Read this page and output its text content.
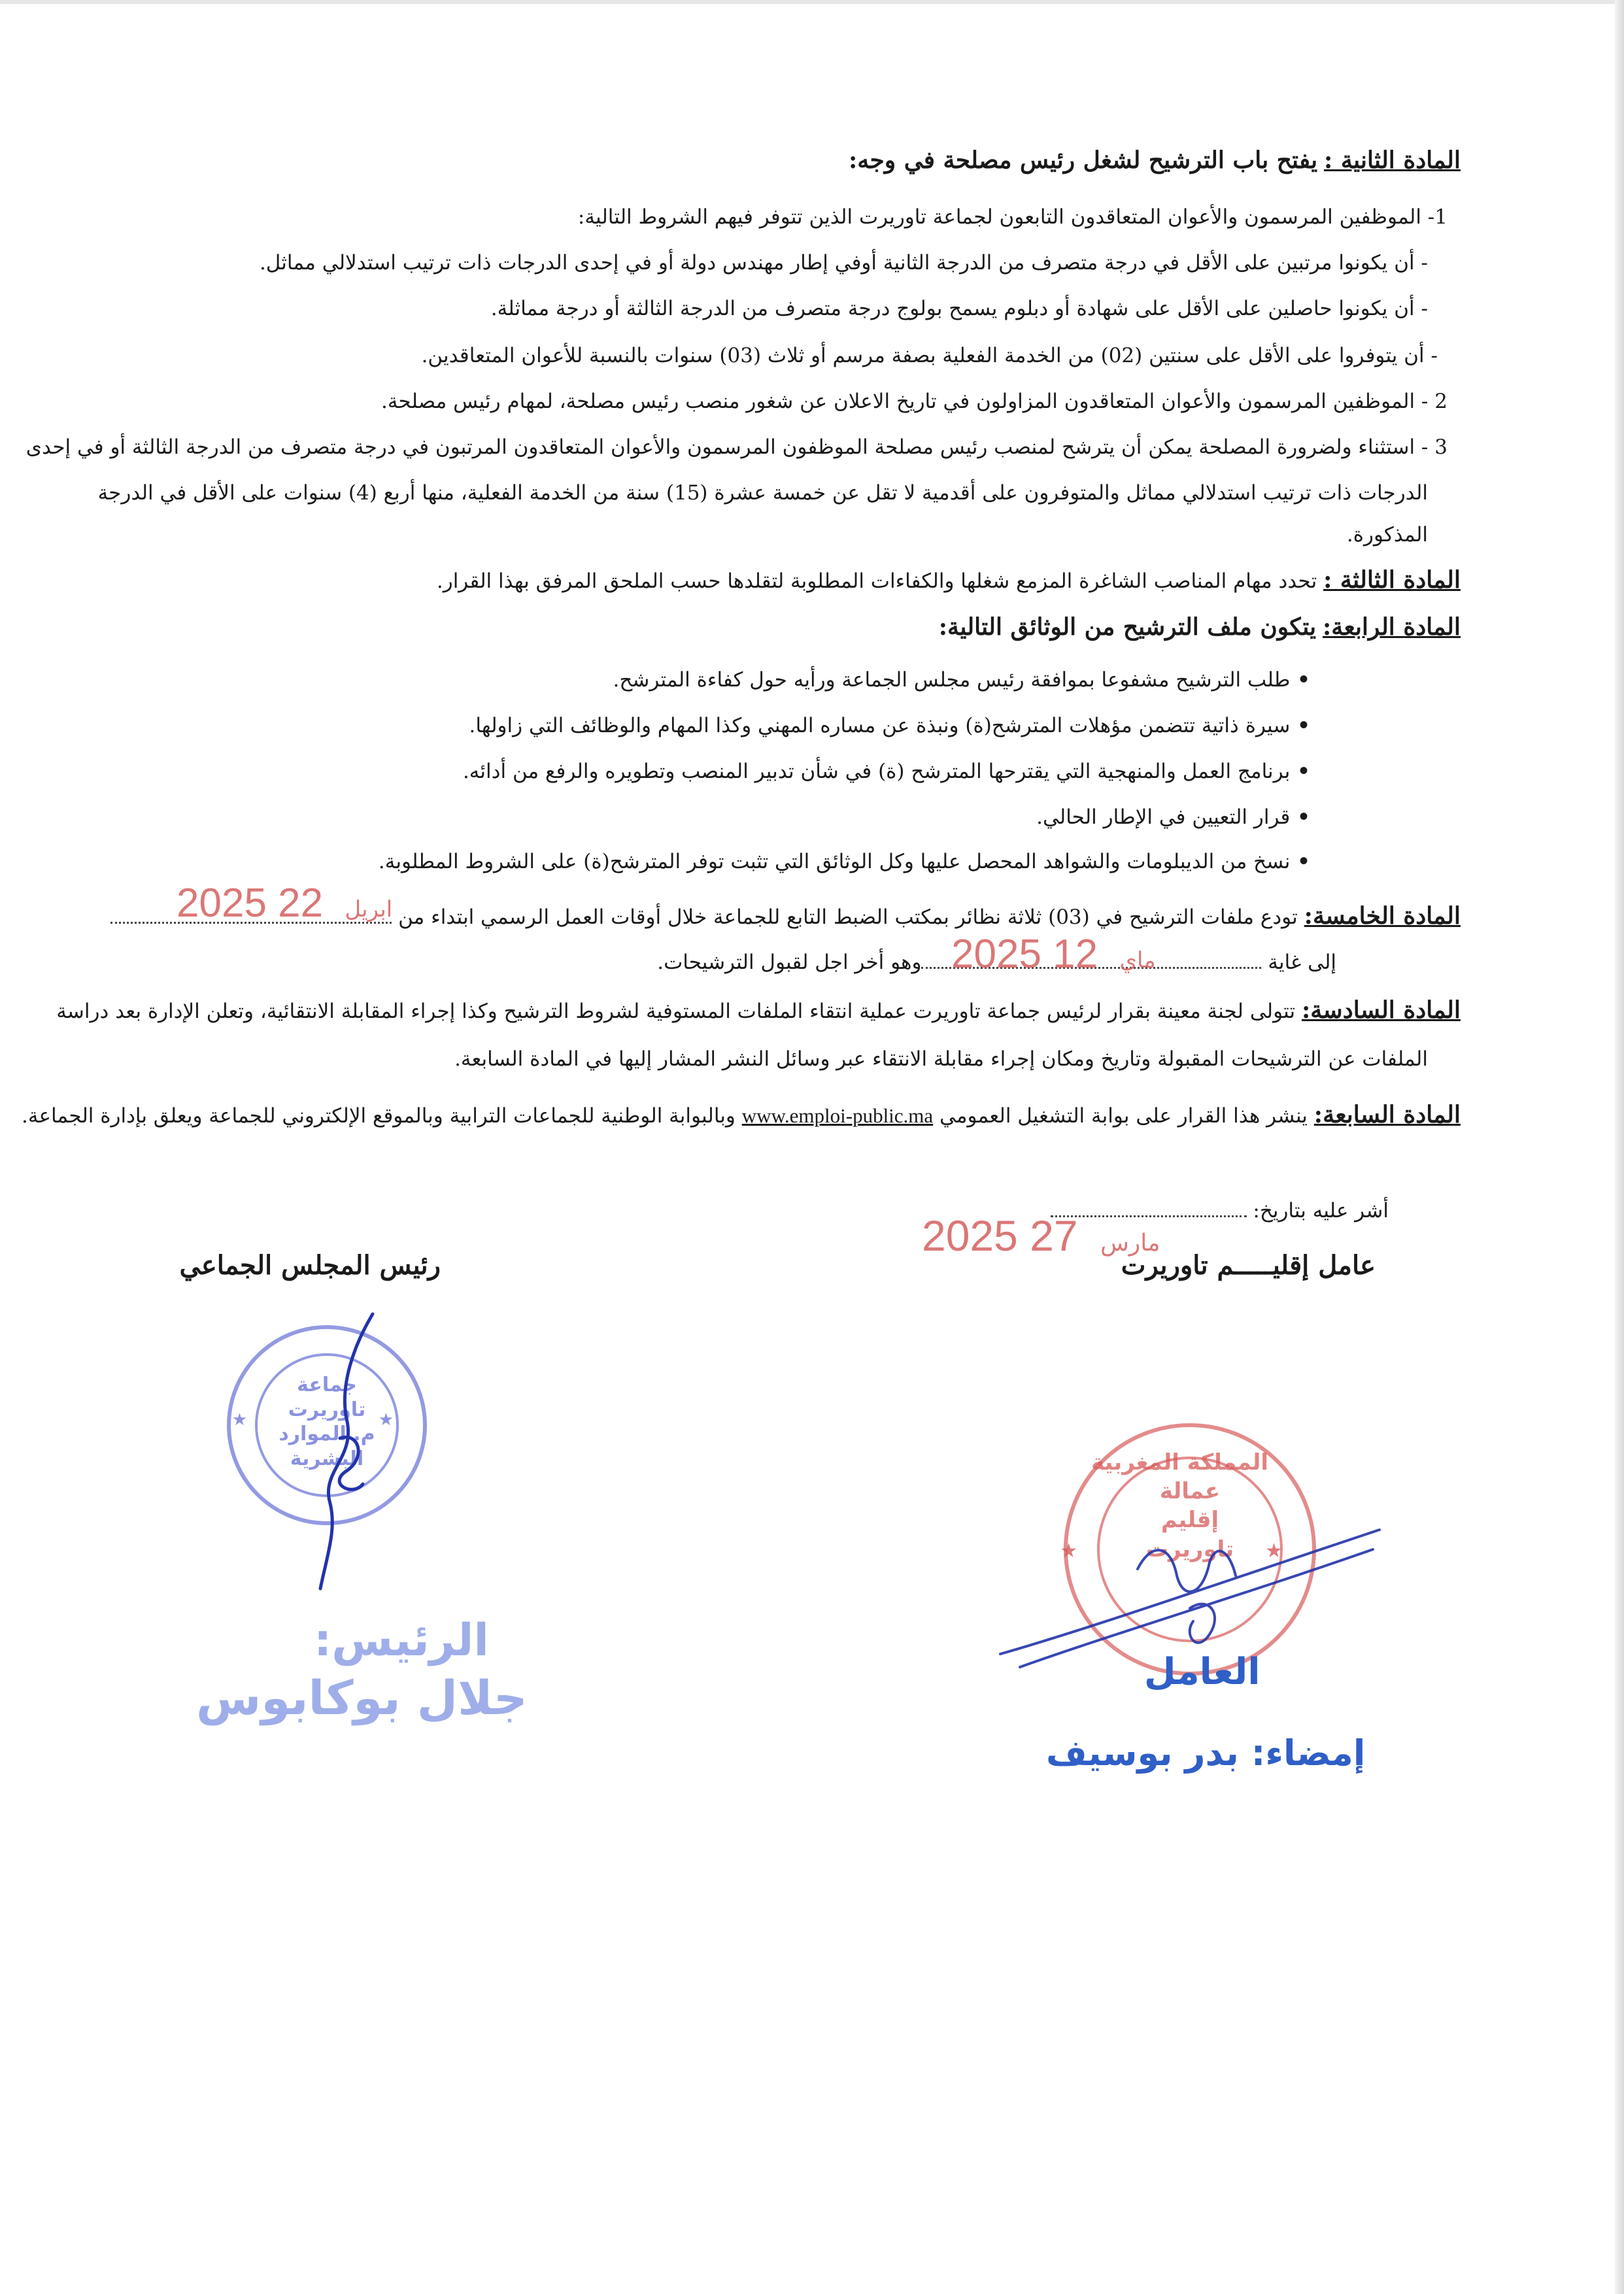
المادة الثانية : يفتح باب الترشيح لشغل رئيس مصلحة في وجه:
1- الموظفين المرسمون والأعوان المتعاقدون التابعون لجماعة تاوريرت الذين تتوفر فيهم الشروط التالية:
- أن يكونوا مرتبين على الأقل في درجة متصرف من الدرجة الثانية أوفي إطار مهندس دولة أو في إحدى الدرجات ذات ترتيب استدلالي مماثل.
- أن يكونوا حاصلين على الأقل على شهادة أو دبلوم يسمح بولوج درجة متصرف من الدرجة الثالثة أو درجة مماثلة.
- أن يتوفروا على الأقل على سنتين (02) من الخدمة الفعلية بصفة مرسم أو ثلاث (03) سنوات بالنسبة للأعوان المتعاقدين.
2 - الموظفين المرسمون والأعوان المتعاقدون المزاولون في تاريخ الاعلان عن شغور منصب رئيس مصلحة، لمهام رئيس مصلحة.
3 - استثناء ولضرورة المصلحة يمكن أن يترشح لمنصب رئيس مصلحة الموظفون المرسمون والأعوان المتعاقدون المرتبون في درجة متصرف من الدرجة الثالثة أو في إحدى
الدرجات ذات ترتيب استدلالي مماثل والمتوفرون على أقدمية لا تقل عن خمسة عشرة (15) سنة من الخدمة الفعلية، منها أربع (4) سنوات على الأقل في الدرجة
المذكورة.
المادة الثالثة : تحدد مهام المناصب الشاغرة المزمع شغلها والكفاءات المطلوبة لتقلدها حسب الملحق المرفق بهذا القرار.
المادة الرابعة: يتكون ملف الترشيح من الوثائق التالية:
• طلب الترشيح مشفوعا بموافقة رئيس مجلس الجماعة ورأيه حول كفاءة المترشح.
• سيرة ذاتية تتضمن مؤهلات المترشح(ة) ونبذة عن مساره المهني وكذا المهام والوظائف التي زاولها.
• برنامج العمل والمنهجية التي يقترحها المترشح (ة) في شأن تدبير المنصب وتطويره والرفع من أدائه.
• قرار التعيين في الإطار الحالي.
• نسخ من الديبلومات والشواهد المحصل عليها وكل الوثائق التي تثبت توفر المترشح(ة) على الشروط المطلوبة.
المادة الخامسة: تودع ملفات الترشيح في (03) ثلاثة نظائر بمكتب الضبط التابع للجماعة خلال أوقات العمل الرسمي ابتداء من
2025	ابريل 22
إلى غاية وهو أخر اجل لقبول الترشيحات. 2025	ماي 12
المادة السادسة: تتولى لجنة معينة بقرار لرئيس جماعة تاوريرت عملية انتقاء الملفات المستوفية لشروط الترشيح وكذا إجراء المقابلة الانتقائية، وتعلن الإدارة بعد دراسة
الملفات عن الترشيحات المقبولة وتاريخ ومكان إجراء مقابلة الانتقاء عبر وسائل النشر المشار إليها في المادة السابعة.
المادة السابعة: ينشر هذا القرار على بوابة التشغيل العمومي www.emploi-public.ma وبالبوابة الوطنية للجماعات الترابية وبالموقع الإلكتروني للجماعة ويعلق بإدارة الجماعة.
أشر عليه بتاريخ:
2025	مارس 27
رئيس المجلس الجماعي	عامل إقليـــــم تاوريرت
★	★
جماعة
تاوريرت
م. الموارد
البشرية
الرئيس:
جلال بوكابوس
★	★
المملكة المغربية
عمالة
إقليم
تاوريرت
العامل
إمضاء: بدر بوسيف
